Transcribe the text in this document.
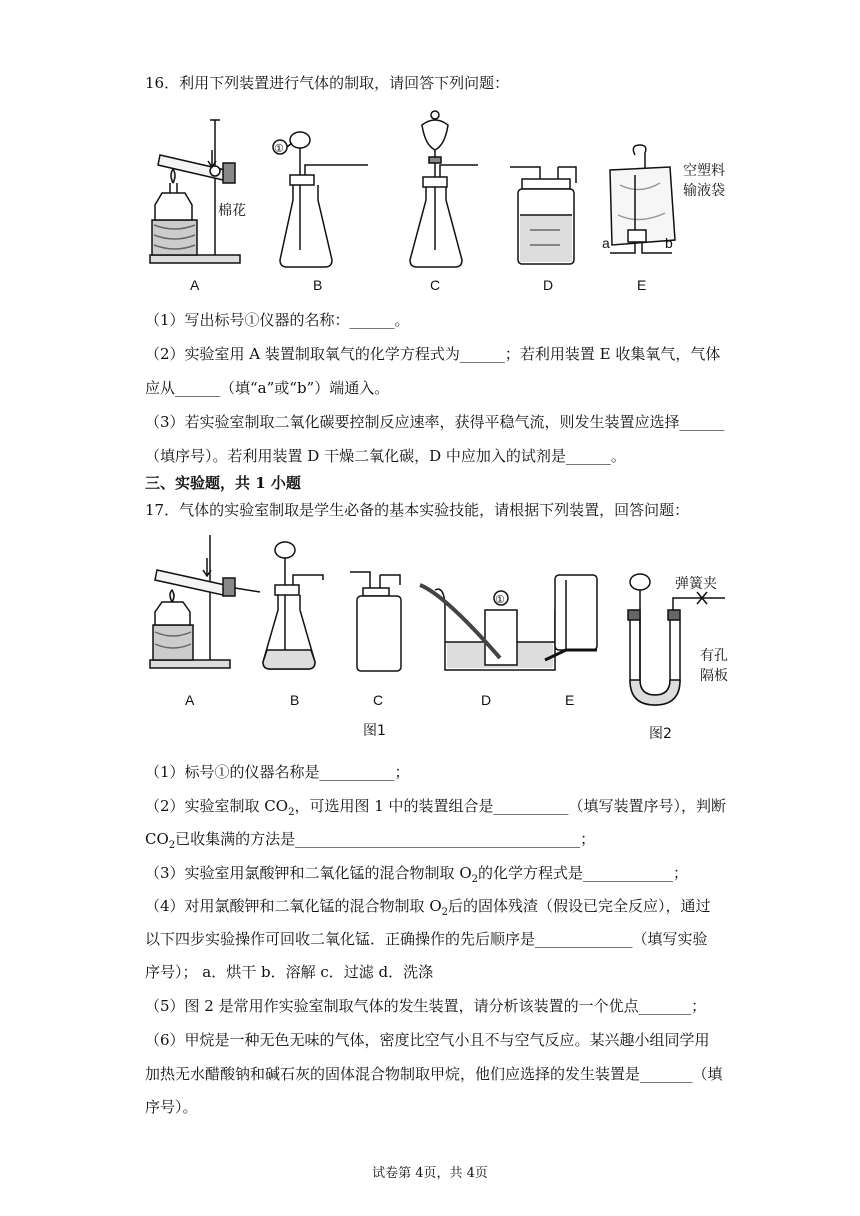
16．利用下列装置进行气体的制取，请回答下列问题：
棉花
①
空塑料
输液袋
a	b
A	B	C	D	E
（1）写出标号①仪器的名称：______。
（2）实验室用 A 装置制取氧气的化学方程式为______；若利用装置 E 收集氧气，气体
应从______（填“a”或“b”）端通入。
（3）若实验室制取二氧化碳要控制反应速率，获得平稳气流，则发生装置应选择______
（填序号）。若利用装置 D 干燥二氧化碳，D 中应加入的试剂是______。
三、实验题，共 1 小题
17．气体的实验室制取是学生必备的基本实验技能，请根据下列装置，回答问题：
①
弹簧夹
有孔
隔板
A	B	C	D	E
图1	图2
（1）标号①的仪器名称是__________；
（2）实验室制取 $CO_2$，可选用图 1 中的装置组合是__________（填写装置序号），判断
$CO_2$已收集满的方法是______________________________________；
（3）实验室用氯酸钾和二氧化锰的混合物制取 $O_2$的化学方程式是____________；
（4）对用氯酸钾和二氧化锰的混合物制取 $O_2$后的固体残渣（假设已完全反应），通过
以下四步实验操作可回收二氧化锰．正确操作的先后顺序是_____________（填写实验
序号）； a．烘干 b．溶解 c．过滤 d．洗涤
（5）图 2 是常用作实验室制取气体的发生装置，请分析该装置的一个优点_______；
（6）甲烷是一种无色无味的气体，密度比空气小且不与空气反应。某兴趣小组同学用
加热无水醋酸钠和碱石灰的固体混合物制取甲烷，他们应选择的发生装置是_______（填
序号）。
试卷第 4页，共 4页
